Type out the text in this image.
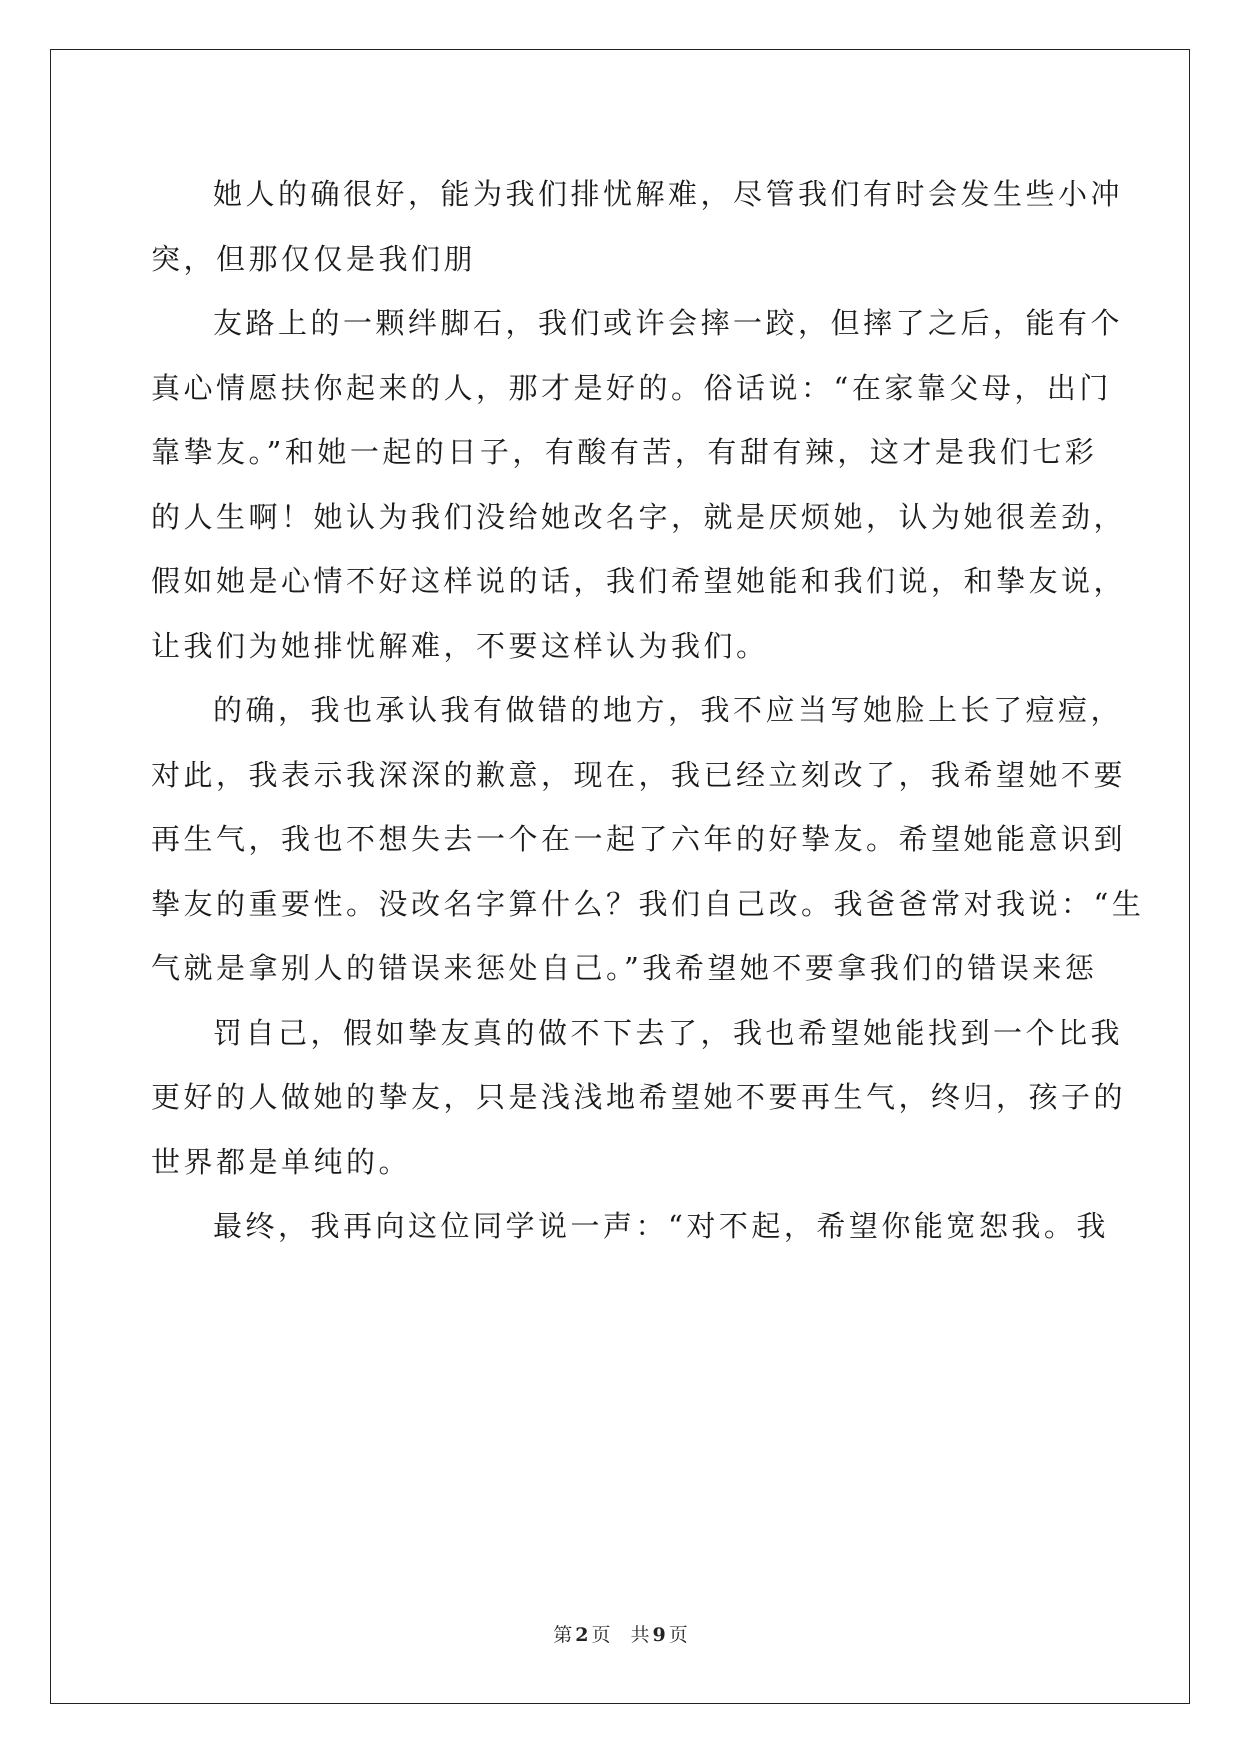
她人的确很好，能为我们排忧解难，尽管我们有时会发生些小冲
突，但那仅仅是我们朋
友路上的一颗绊脚石，我们或许会摔一跤，但摔了之后，能有个
真心情愿扶你起来的人，那才是好的。俗话说：“在家靠父母，出门
靠挚友。”和她一起的日子，有酸有苦，有甜有辣，这才是我们七彩
的人生啊！她认为我们没给她改名字，就是厌烦她，认为她很差劲，
假如她是心情不好这样说的话，我们希望她能和我们说，和挚友说，
让我们为她排忧解难，不要这样认为我们。
的确，我也承认我有做错的地方，我不应当写她脸上长了痘痘，
对此，我表示我深深的歉意，现在，我已经立刻改了，我希望她不要
再生气，我也不想失去一个在一起了六年的好挚友。希望她能意识到
挚友的重要性。没改名字算什么？我们自己改。我爸爸常对我说：“生
气就是拿别人的错误来惩处自己。”我希望她不要拿我们的错误来惩
罚自己，假如挚友真的做不下去了，我也希望她能找到一个比我
更好的人做她的挚友，只是浅浅地希望她不要再生气，终归，孩子的
世界都是单纯的。
最终，我再向这位同学说一声：“对不起，希望你能宽恕我。我
第 2 页 共 9 页
